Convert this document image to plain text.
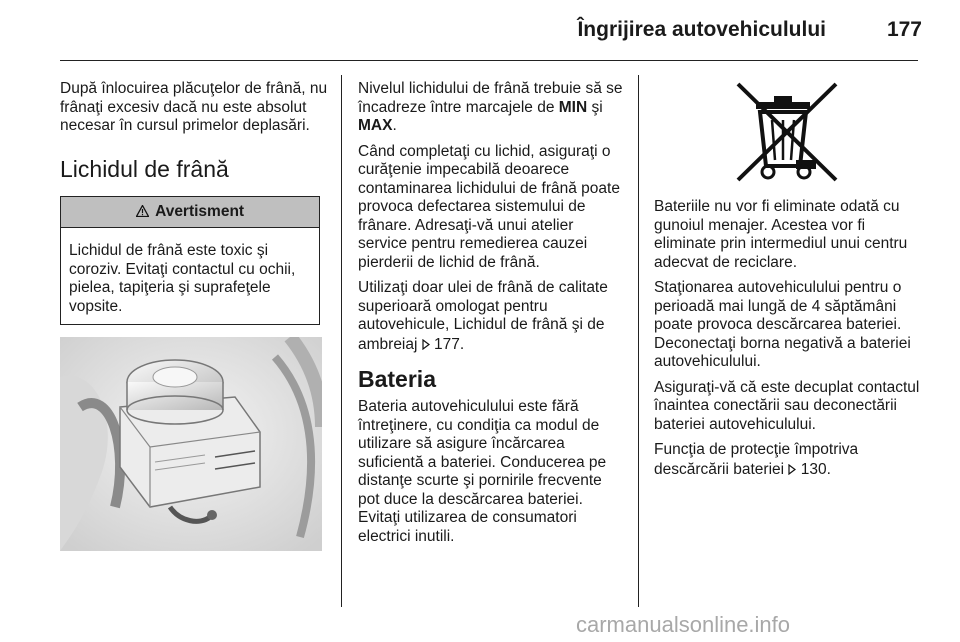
Îngrijirea autovehiculului	177

După înlocuirea plăcuţelor de frână, nu frânaţi excesiv dacă nu este absolut necesar în cursul primelor deplasări.

Lichidul de frână
Avertisment
Lichidul de frână este toxic şi coroziv. Evitaţi contactul cu ochii, pielea, tapiţeria şi suprafeţele vopsite.

Nivelul lichidului de frână trebuie să se încadreze între marcajele de MIN şi MAX.

Când completaţi cu lichid, asiguraţi o curăţenie impecabilă deoarece contaminarea lichidului de frână poate provoca defectarea sistemului de frânare. Adresaţi-vă unui atelier service pentru remedierea cauzei pierderii de lichid de frână.

Utilizaţi doar ulei de frână de calitate superioară omologat pentru autovehicule, Lichidul de frână şi de ambreiaj  177.

Bateria

Bateria autovehiculului este fără întreţinere, cu condiţia ca modul de utilizare să asigure încărcarea suficientă a bateriei. Conducerea pe distanţe scurte şi pornirile frecvente pot duce la descărcarea bateriei. Evitaţi utilizarea de consumatori electrici inutili.

Bateriile nu vor fi eliminate odată cu gunoiul menajer. Acestea vor fi eliminate prin intermediul unui centru adecvat de reciclare.

Staţionarea autovehiculului pentru o perioadă mai lungă de 4 săptămâni poate provoca descărcarea bateriei. Deconectaţi borna negativă a bateriei autovehiculului.

Asiguraţi-vă că este decuplat contactul înaintea conectării sau deconectării bateriei autovehiculului.

Funcţia de protecţie împotriva descărcării bateriei  130.

carmanualsonline.info
